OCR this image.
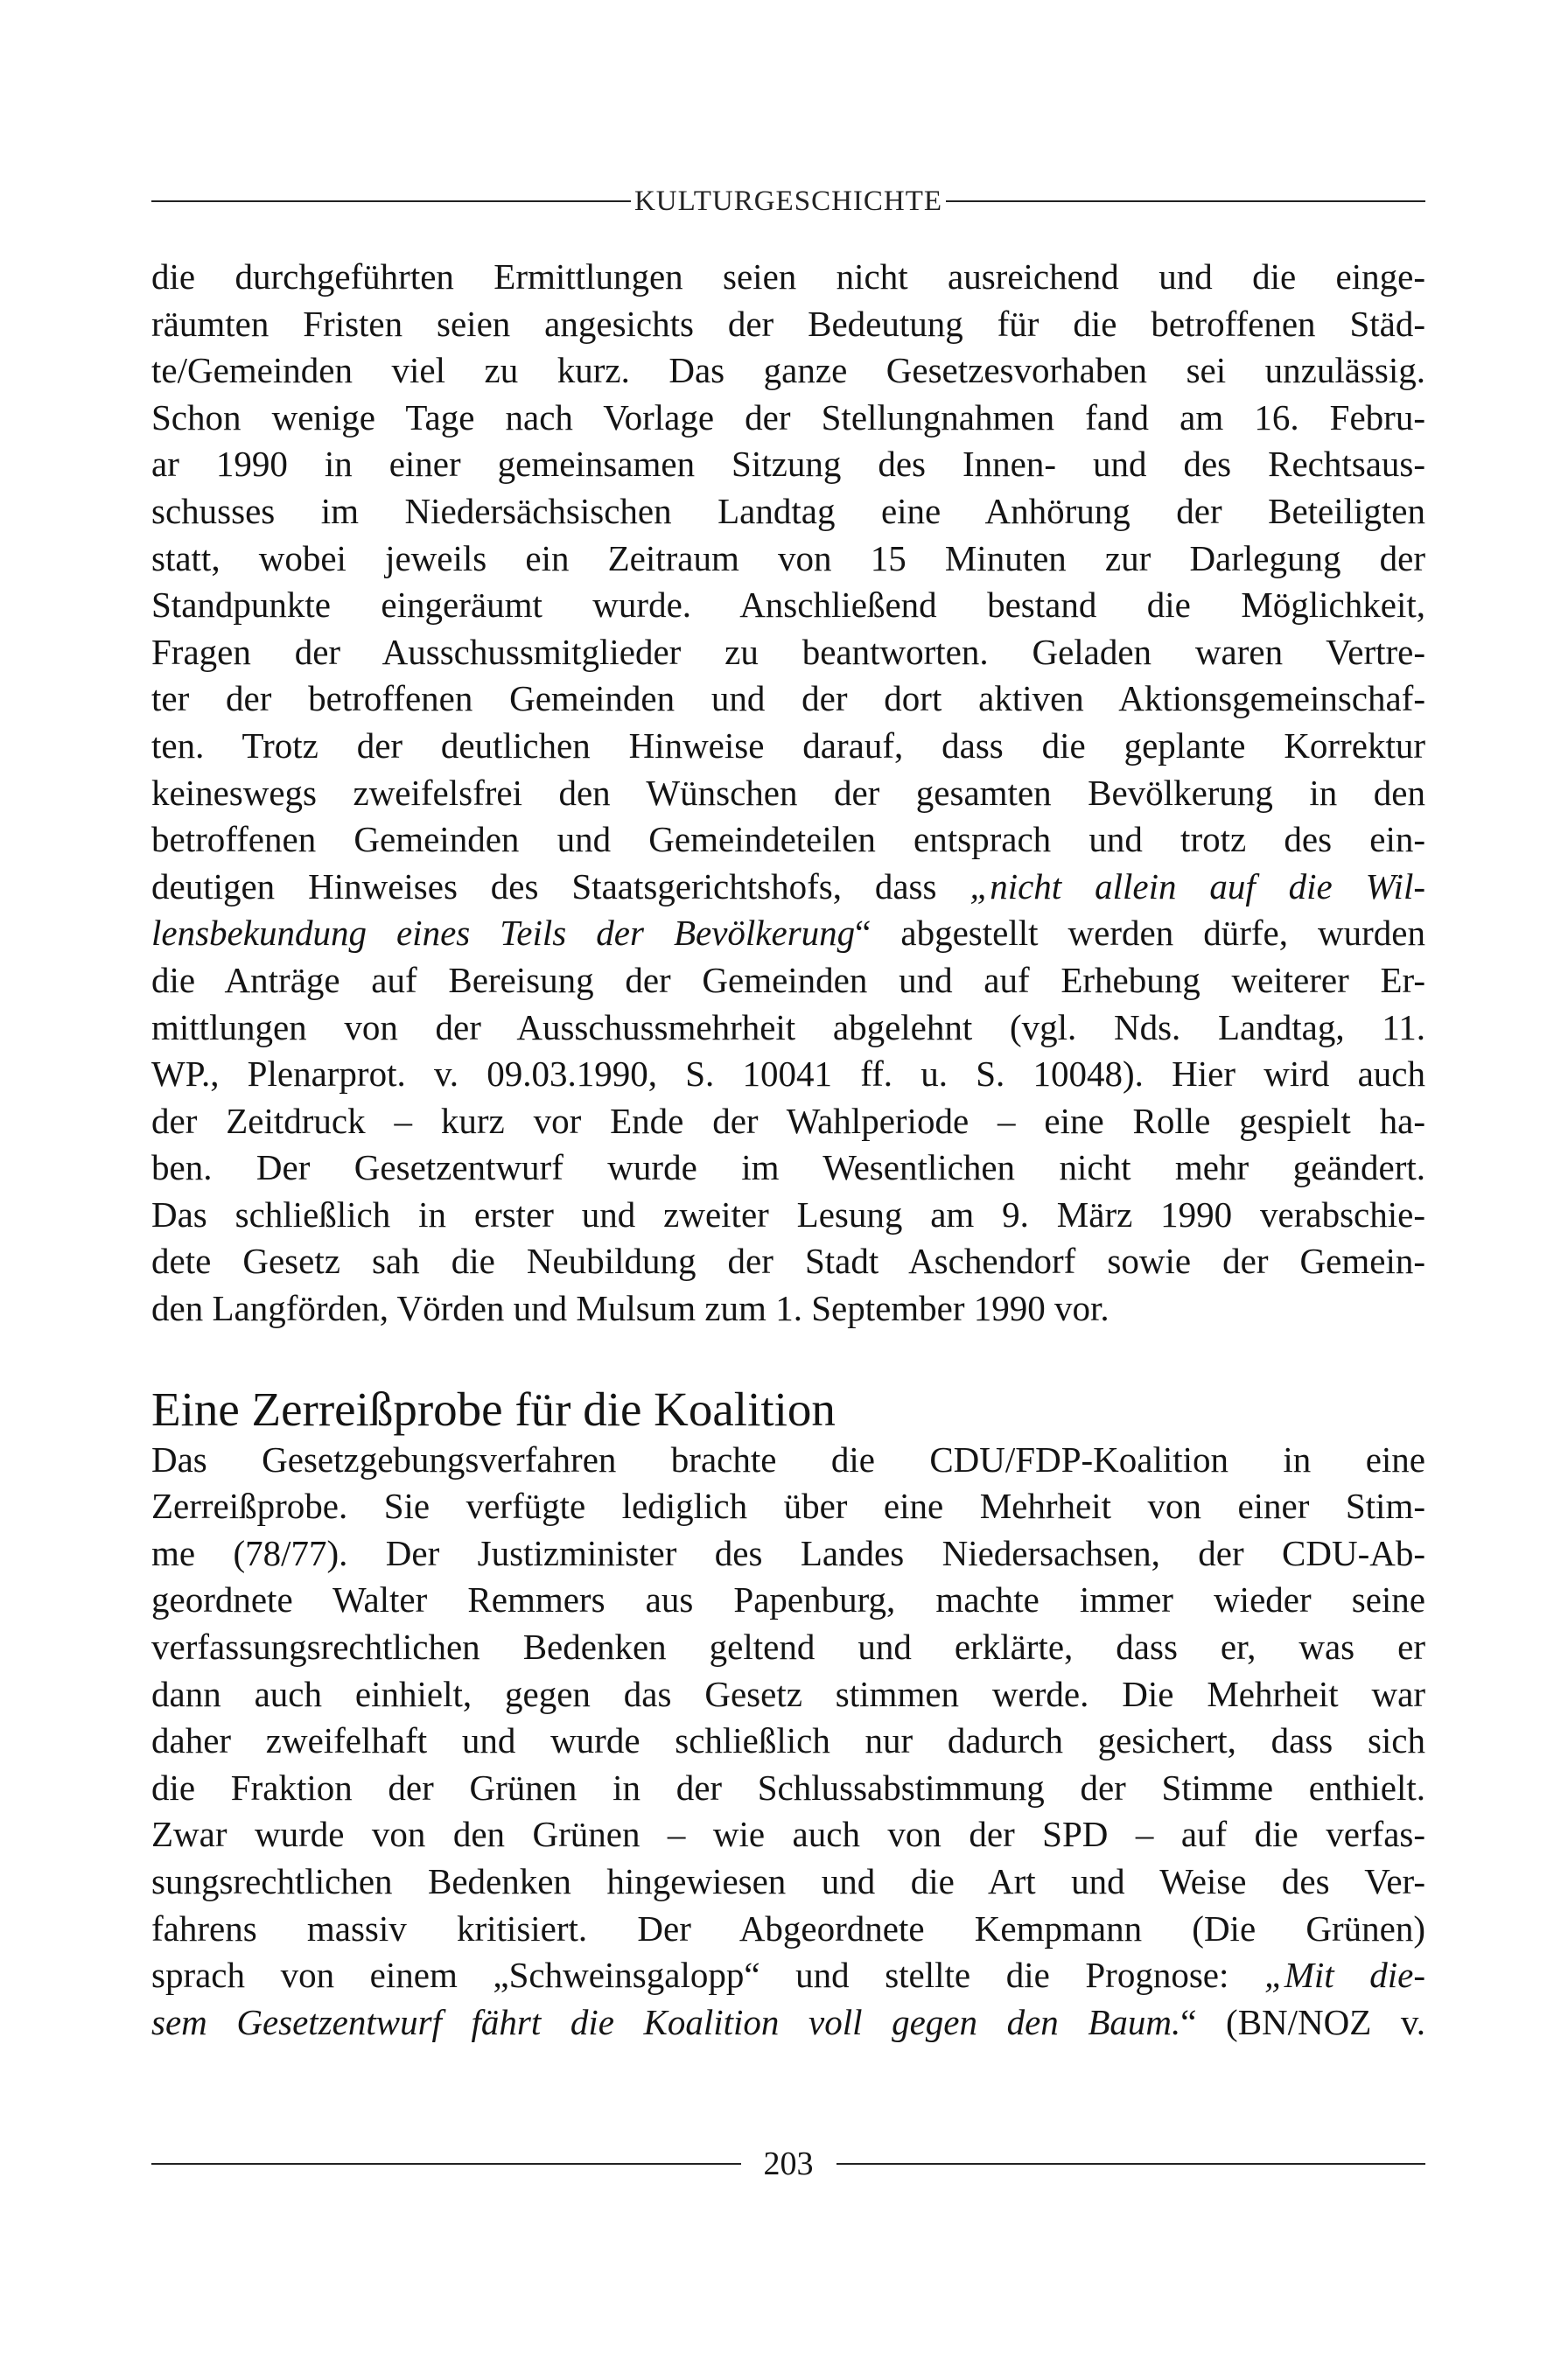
KULTURGESCHICHTE
die durchgeführten Ermittlungen seien nicht ausreichend und die einge-
räumten Fristen seien angesichts der Bedeutung für die betroffenen Städ-
te/Gemeinden viel zu kurz. Das ganze Gesetzesvorhaben sei unzulässig.
Schon wenige Tage nach Vorlage der Stellungnahmen fand am 16. Febru-
ar 1990 in einer gemeinsamen Sitzung des Innen- und des Rechtsaus-
schusses im Niedersächsischen Landtag eine Anhörung der Beteiligten
statt, wobei jeweils ein Zeitraum von 15 Minuten zur Darlegung der
Standpunkte eingeräumt wurde. Anschließend bestand die Möglichkeit,
Fragen der Ausschussmitglieder zu beantworten. Geladen waren Vertre-
ter der betroffenen Gemeinden und der dort aktiven Aktionsgemeinschaf-
ten. Trotz der deutlichen Hinweise darauf, dass die geplante Korrektur
keineswegs zweifelsfrei den Wünschen der gesamten Bevölkerung in den
betroffenen Gemeinden und Gemeindeteilen entsprach und trotz des ein-
deutigen Hinweises des Staatsgerichtshofs, dass „nicht allein auf die Wil-
lensbekundung eines Teils der Bevölkerung“ abgestellt werden dürfe, wurden
die Anträge auf Bereisung der Gemeinden und auf Erhebung weiterer Er-
mittlungen von der Ausschussmehrheit abgelehnt (vgl. Nds. Landtag, 11.
WP., Plenarprot. v. 09.03.1990, S. 10041 ff. u. S. 10048). Hier wird auch
der Zeitdruck – kurz vor Ende der Wahlperiode – eine Rolle gespielt ha-
ben. Der Gesetzentwurf wurde im Wesentlichen nicht mehr geändert.
Das schließlich in erster und zweiter Lesung am 9. März 1990 verabschie-
dete Gesetz sah die Neubildung der Stadt Aschendorf sowie der Gemein-
den Langförden, Vörden und Mulsum zum 1. September 1990 vor.
Eine Zerreißprobe für die Koalition
Das Gesetzgebungsverfahren brachte die CDU/FDP-Koalition in eine
Zerreißprobe. Sie verfügte lediglich über eine Mehrheit von einer Stim-
me (78/77). Der Justizminister des Landes Niedersachsen, der CDU-Ab-
geordnete Walter Remmers aus Papenburg, machte immer wieder seine
verfassungsrechtlichen Bedenken geltend und erklärte, dass er, was er
dann auch einhielt, gegen das Gesetz stimmen werde. Die Mehrheit war
daher zweifelhaft und wurde schließlich nur dadurch gesichert, dass sich
die Fraktion der Grünen in der Schlussabstimmung der Stimme enthielt.
Zwar wurde von den Grünen – wie auch von der SPD – auf die verfas-
sungsrechtlichen Bedenken hingewiesen und die Art und Weise des Ver-
fahrens massiv kritisiert. Der Abgeordnete Kempmann (Die Grünen)
sprach von einem „Schweinsgalopp“ und stellte die Prognose: „Mit die-
sem Gesetzentwurf fährt die Koalition voll gegen den Baum.“ (BN/NOZ v.
203
